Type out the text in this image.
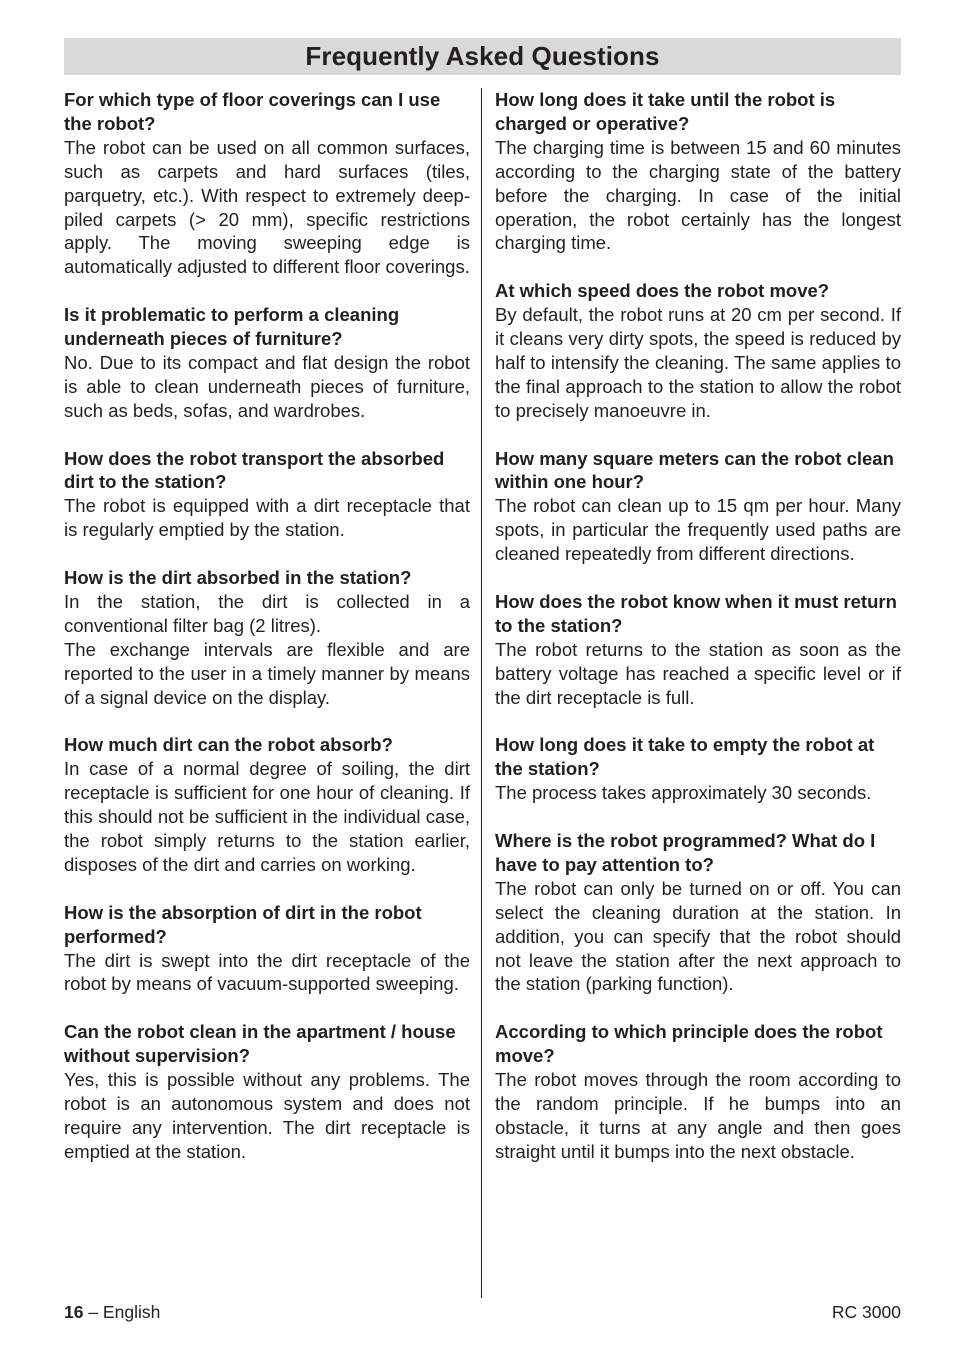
Frequently Asked Questions

For which type of floor coverings can I use the robot?

The robot can be used on all common surfaces, such as carpets and hard surfaces (tiles, parquetry, etc.). With respect to extremely deep-piled carpets (> 20 mm), specific restrictions apply. The moving sweeping edge is automatically adjusted to different floor coverings.

Is it problematic to perform a cleaning underneath pieces of furniture?

No. Due to its compact and flat design the robot is able to clean underneath pieces of furniture, such as beds, sofas, and wardrobes.

How does the robot transport the absorbed dirt to the station?

The robot is equipped with a dirt receptacle that is regularly emptied by the station.

How is the dirt absorbed in the station?

In the station, the dirt is collected in a conventional filter bag (2 litres).

The exchange intervals are flexible and are reported to the user in a timely manner by means of a signal device on the display.

How much dirt can the robot absorb?

In case of a normal degree of soiling, the dirt receptacle is sufficient for one hour of cleaning. If this should not be sufficient in the individual case, the robot simply returns to the station earlier, disposes of the dirt and carries on working.

How is the absorption of dirt in the robot performed?

The dirt is swept into the dirt receptacle of the robot by means of vacuum-supported sweeping.

Can the robot clean in the apartment / house without supervision?

Yes, this is possible without any problems. The robot is an autonomous system and does not require any intervention. The dirt receptacle is emptied at the station.

How long does it take until the robot is charged or operative?

The charging time is between 15 and 60 minutes according to the charging state of the battery before the charging. In case of the initial operation, the robot certainly has the longest charging time.

At which speed does the robot move?

By default, the robot runs at 20 cm per second. If it cleans very dirty spots, the speed is reduced by half to intensify the cleaning. The same applies to the final approach to the station to allow the robot to precisely manoeuvre in.

How many square meters can the robot clean within one hour?

The robot can clean up to 15 qm per hour. Many spots, in particular the frequently used paths are cleaned repeatedly from different directions.

How does the robot know when it must return to the station?

The robot returns to the station as soon as the battery voltage has reached a specific level or if the dirt receptacle is full.

How long does it take to empty the robot at the station?

The process takes approximately 30 seconds.

Where is the robot programmed? What do I have to pay attention to?

The robot can only be turned on or off. You can select the cleaning duration at the station. In addition, you can specify that the robot should not leave the station after the next approach to the station (parking function).

According to which principle does the robot move?

The robot moves through the room according to the random principle. If he bumps into an obstacle, it turns at any angle and then goes straight until it bumps into the next obstacle.

16 – English	RC 3000
